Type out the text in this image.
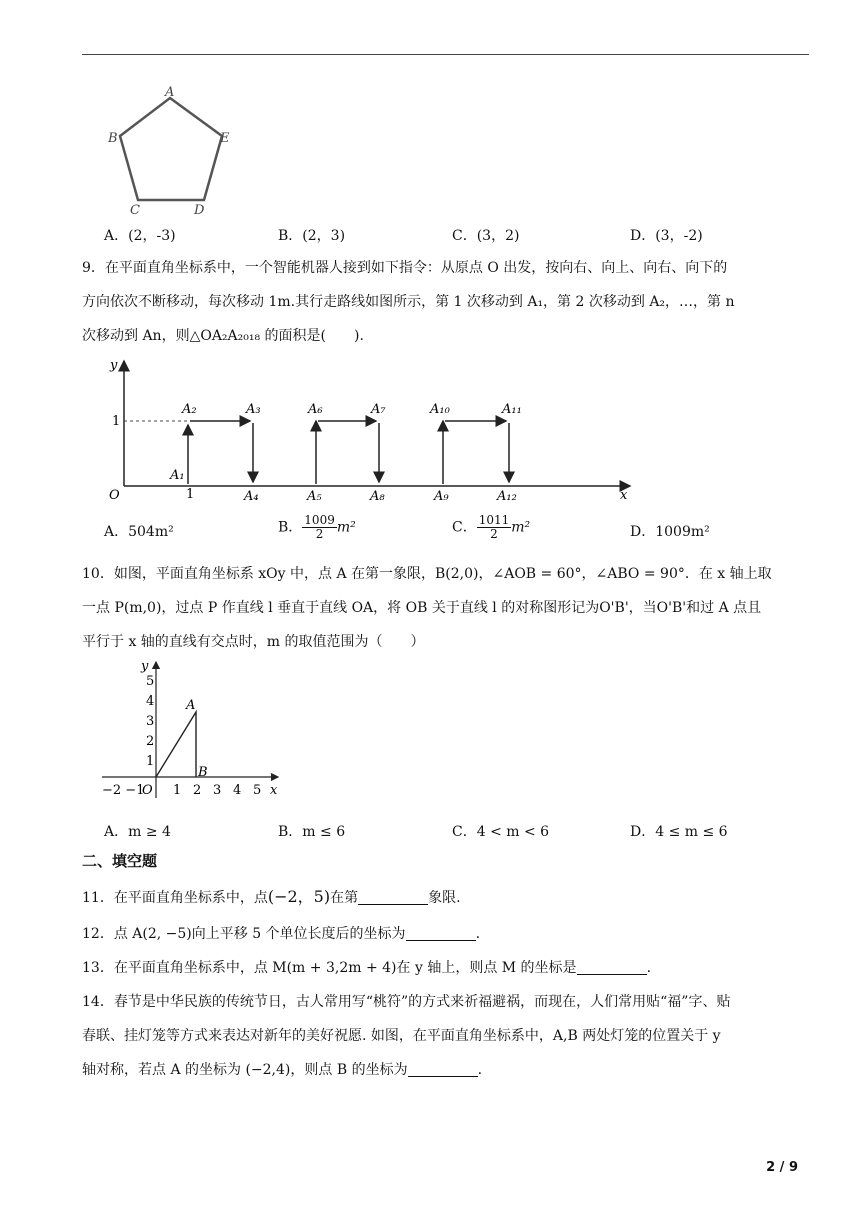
A
B	E
C	D
A．(2，-3)	B．(2，3)	C．(3，2)	D．(3，-2)
9．在平面直角坐标系中，一个智能机器人接到如下指令：从原点 O 出发，按向右、向上、向右、向下的
方向依次不断移动，每次移动 1m.其行走路线如图所示，第 1 次移动到 A₁，第 2 次移动到 A₂，…，第 n
次移动到 An，则△OA₂A₂₀₁₈ 的面积是(　　).
y
x
O
1
1
A₁
A₂	A₃	A₆	A₇	A₁₀	A₁₁
A₄	A₅	A₈	A₉	A₁₂
A．504m²	B． $\frac{1009}{2} m^2$	C． $\frac{1011}{2} m^2$	D．1009m²
10．如图，平面直角坐标系 xOy 中，点 A 在第一象限，B(2,0)，∠AOB = 60°，∠ABO = 90°．在 x 轴上取
一点 P(m,0)，过点 P 作直线 l 垂直于直线 OA，将 OB 关于直线 l 的对称图形记为O'B'，当O'B'和过 A 点且
平行于 x 轴的直线有交点时，m 的取值范围为（　　）
y
x
5
4
3
2
1
−2 −1
O 1 2 3 4 5
A
B
A．m ≥ 4	B．m ≤ 6	C．4 < m < 6	D．4 ≤ m ≤ 6
二、填空题
11．在平面直角坐标系中，点(−2，5)在第	象限.
12．点 A(2, −5)向上平移 5 个单位长度后的坐标为	.
13．在平面直角坐标系中，点 M(m + 3,2m + 4)在 y 轴上，则点 M 的坐标是	.
14．春节是中华民族的传统节日，古人常用写“桃符”的方式来祈福避祸，而现在，人们常用贴“福”字、贴
春联、挂灯笼等方式来表达对新年的美好祝愿. 如图，在平面直角坐标系中，A,B 两处灯笼的位置关于 y
轴对称，若点 A 的坐标为 (−2,4)，则点 B 的坐标为	.
2 / 9
